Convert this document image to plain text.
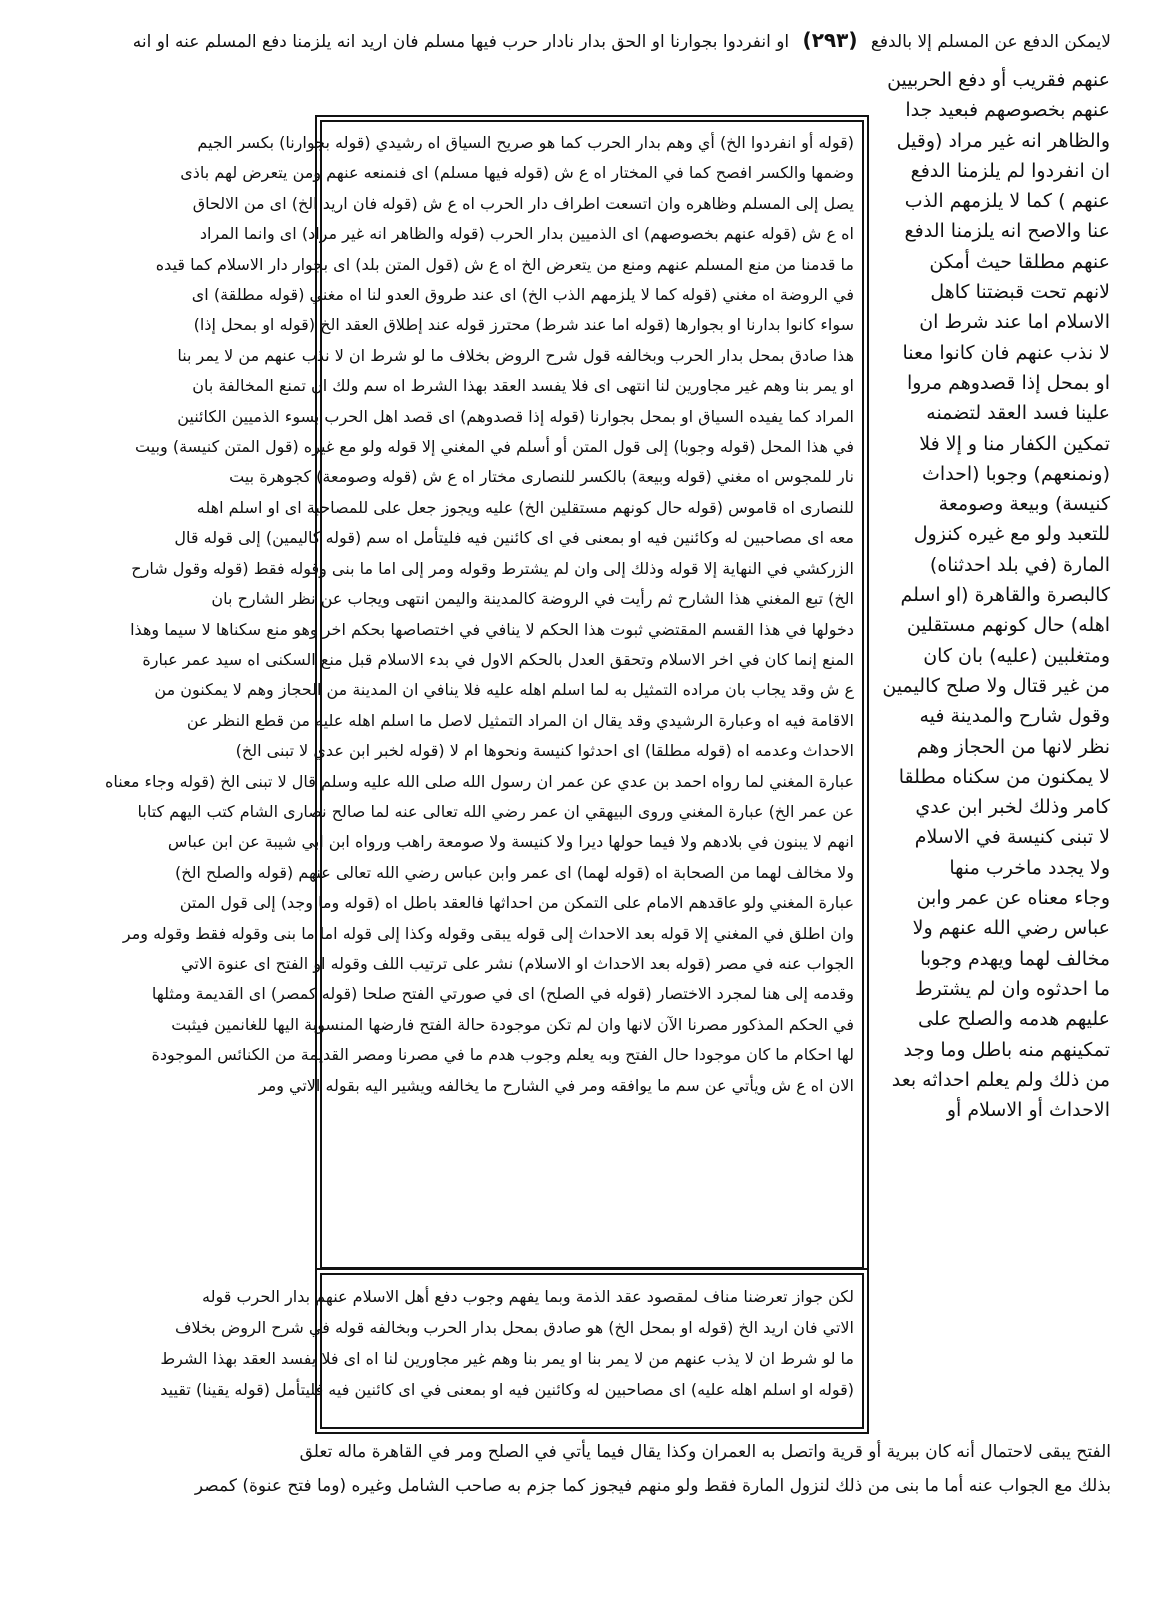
لايمكن الدفع عن المسلم إلا بالدفع (٢٩٣) او انفردوا بجوارنا او الحق بدار نادار حرب فيها مسلم فان اريد انه يلزمنا دفع المسلم عنه او انه

عنهم فقريب أو دفع الحربيين

عنهم بخصوصهم فبعيد جدا

والظاهر انه غير مراد (وقيل

ان انفردوا لم يلزمنا الدفع

عنهم ) كما لا يلزمهم الذب

عنا والاصح انه يلزمنا الدفع

عنهم مطلقا حيث أمكن

لانهم تحت قبضتنا كاهل

الاسلام اما عند شرط ان

لا نذب عنهم فان كانوا معنا

او بمحل إذا قصدوهم مروا

علينا فسد العقد لتضمنه

تمكين الكفار منا و إلا فلا

(ونمنعهم) وجوبا (احداث

كنيسة) وبيعة وصومعة

للتعبد ولو مع غيره كنزول

المارة (في بلد احدثناه)

كالبصرة والقاهرة (او اسلم

اهله) حال كونهم مستقلين

ومتغلبين (عليه) بان كان

من غير قتال ولا صلح كاليمين

وقول شارح والمدينة فيه

نظر لانها من الحجاز وهم

لا يمكنون من سكناه مطلقا

كامر وذلك لخبر ابن عدي

لا تبنى كنيسة في الاسلام

ولا يجدد ماخرب منها

وجاء معناه عن عمر وابن

عباس رضي الله عنهم ولا

مخالف لهما ويهدم وجوبا

ما احدثوه وان لم يشترط

عليهم هدمه والصلح على

تمكينهم منه باطل وما وجد

من ذلك ولم يعلم احداثه بعد

الاحداث أو الاسلام أو

(قوله أو انفردوا الخ) أي وهم بدار الحرب كما هو صريح السياق اه رشيدي (قوله بجوارنا) بكسر الجيم

وضمها والكسر افصح كما في المختار اه ع ش (قوله فيها مسلم) اى فنمنعه عنهم ومن يتعرض لهم باذى

يصل إلى المسلم وظاهره وان اتسعت اطراف دار الحرب اه ع ش (قوله فان اريد الخ) اى من الالحاق

اه ع ش (قوله عنهم بخصوصهم) اى الذميين بدار الحرب (قوله والظاهر انه غير مراد) اى وانما المراد

ما قدمنا من منع المسلم عنهم ومنع من يتعرض الخ اه ع ش (قول المتن بلد) اى بجوار دار الاسلام كما قيده

في الروضة اه مغني (قوله كما لا يلزمهم الذب الخ) اى عند طروق العدو لنا اه مغني (قوله مطلقة) اى

سواء كانوا بدارنا او بجوارها (قوله اما عند شرط) محترز قوله عند إطلاق العقد الخ (قوله او بمحل إذا)

هذا صادق بمحل بدار الحرب وبخالفه قول شرح الروض بخلاف ما لو شرط ان لا نذب عنهم من لا يمر بنا

او يمر بنا وهم غير مجاورين لنا انتهى اى فلا يفسد العقد بهذا الشرط اه سم ولك ان تمنع المخالفة بان

المراد كما يفيده السياق او بمحل بجوارنا (قوله إذا قصدوهم) اى قصد اهل الحرب بسوء الذميين الكائنين

في هذا المحل (قوله وجوبا) إلى قول المتن أو أسلم في المغني إلا قوله ولو مع غيره (قول المتن كنيسة) وبيت

نار للمجوس اه مغني (قوله وبيعة) بالكسر للنصارى مختار اه ع ش (قوله وصومعة) كجوهرة بيت

للنصارى اه قاموس (قوله حال كونهم مستقلين الخ) عليه ويجوز جعل على للمصاحبة اى او اسلم اهله

معه اى مصاحبين له وكائنين فيه او بمعنى في اى كائنين فيه فليتأمل اه سم (قوله كاليمين) إلى قوله قال

الزركشي في النهاية إلا قوله وذلك إلى وان لم يشترط وقوله ومر إلى اما ما بنى وقوله فقط (قوله وقول شارح

الخ) تبع المغني هذا الشارح ثم رأيت في الروضة كالمدينة واليمن انتهى ويجاب عن نظر الشارح بان

دخولها في هذا القسم المقتضي ثبوت هذا الحكم لا ينافي في اختصاصها بحكم اخر وهو منع سكناها لا سيما وهذا

المنع إنما كان في اخر الاسلام وتحقق العدل بالحكم الاول في بدء الاسلام قبل منع السكنى اه سيد عمر عبارة

ع ش وقد يجاب بان مراده التمثيل به لما اسلم اهله عليه فلا ينافي ان المدينة من الحجاز وهم لا يمكنون من

الاقامة فيه اه وعبارة الرشيدي وقد يقال ان المراد التمثيل لاصل ما اسلم اهله عليه من قطع النظر عن

الاحداث وعدمه اه (قوله مطلقا) اى احدثوا كنيسة ونحوها ام لا (قوله لخبر ابن عدي لا تبنى الخ)

عبارة المغني لما رواه احمد بن عدي عن عمر ان رسول الله صلى الله عليه وسلم قال لا تبنى الخ (قوله وجاء معناه

عن عمر الخ) عبارة المغني وروى البيهقي ان عمر رضي الله تعالى عنه لما صالح نصارى الشام كتب اليهم كتابا

انهم لا يبنون في بلادهم ولا فيما حولها ديرا ولا كنيسة ولا صومعة راهب ورواه ابن ابي شيبة عن ابن عباس

ولا مخالف لهما من الصحابة اه (قوله لهما) اى عمر وابن عباس رضي الله تعالى عنهم (قوله والصلح الخ)

عبارة المغني ولو عاقدهم الامام على التمكن من احداثها فالعقد باطل اه (قوله وما وجد) إلى قول المتن

وان اطلق في المغني إلا قوله بعد الاحداث إلى قوله يبقى وقوله وكذا إلى قوله اما ما بنى وقوله فقط وقوله ومر

الجواب عنه في مصر (قوله بعد الاحداث او الاسلام) نشر على ترتيب اللف وقوله او الفتح اى عنوة الاتي

وقدمه إلى هنا لمجرد الاختصار (قوله في الصلح) اى في صورتي الفتح صلحا (قوله كمصر) اى القديمة ومثلها

في الحكم المذكور مصرنا الآن لانها وان لم تكن موجودة حالة الفتح فارضها المنسوبة اليها للغانمين فيثبت

لها احكام ما كان موجودا حال الفتح وبه يعلم وجوب هدم ما في مصرنا ومصر القديمة من الكنائس الموجودة

الان اه ع ش ويأتي عن سم ما يوافقه ومر في الشارح ما يخالفه ويشير اليه بقوله الاتي ومر

لكن جواز تعرضنا مناف لمقصود عقد الذمة وبما يفهم وجوب دفع أهل الاسلام عنهم بدار الحرب قوله

الاتي فان اريد الخ (قوله او بمحل الخ) هو صادق بمحل بدار الحرب وبخالفه قوله في شرح الروض بخلاف

ما لو شرط ان لا يذب عنهم من لا يمر بنا او يمر بنا وهم غير مجاورين لنا اه اى فلا يفسد العقد بهذا الشرط

(قوله او اسلم اهله عليه) اى مصاحبين له وكائنين فيه او بمعنى في اى كائنين فيه فليتأمل (قوله يقينا) تقييد

الفتح يبقى لاحتمال أنه كان ببرية أو قرية واتصل به العمران وكذا يقال فيما يأتي في الصلح ومر في القاهرة ماله تعلق

بذلك مع الجواب عنه أما ما بنى من ذلك لنزول المارة فقط ولو منهم فيجوز كما جزم به صاحب الشامل وغيره (وما فتح عنوة) كمصر
